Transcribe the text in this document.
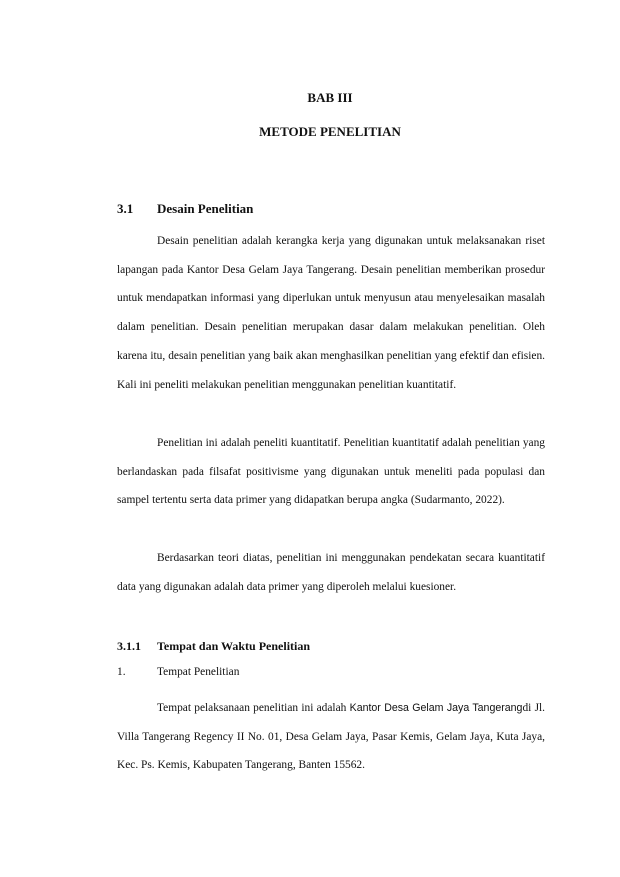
BAB III
METODE PENELITIAN
3.1 Desain Penelitian

Desain penelitian adalah kerangka kerja yang digunakan untuk melaksanakan riset lapangan pada Kantor Desa Gelam Jaya Tangerang. Desain penelitian memberikan prosedur untuk mendapatkan informasi yang diperlukan untuk menyusun atau menyelesaikan masalah dalam penelitian. Desain penelitian merupakan dasar dalam melakukan penelitian. Oleh karena itu, desain penelitian yang baik akan menghasilkan penelitian yang efektif dan efisien. Kali ini peneliti melakukan penelitian menggunakan penelitian kuantitatif.

Penelitian ini adalah peneliti kuantitatif. Penelitian kuantitatif adalah penelitian yang berlandaskan pada filsafat positivisme yang digunakan untuk meneliti pada populasi dan sampel tertentu serta data primer yang didapatkan berupa angka (Sudarmanto, 2022).

Berdasarkan teori diatas, penelitian ini menggunakan pendekatan secara kuantitatif data yang digunakan adalah data primer yang diperoleh melalui kuesioner.

3.1.1 Tempat dan Waktu Penelitian
1.	Tempat Penelitian

Tempat pelaksanaan penelitian ini adalah Kantor Desa Gelam Jaya Tangerangdi Jl. Villa Tangerang Regency II No. 01, Desa Gelam Jaya, Pasar Kemis, Gelam Jaya, Kuta Jaya, Kec. Ps. Kemis, Kabupaten Tangerang, Banten 15562.
